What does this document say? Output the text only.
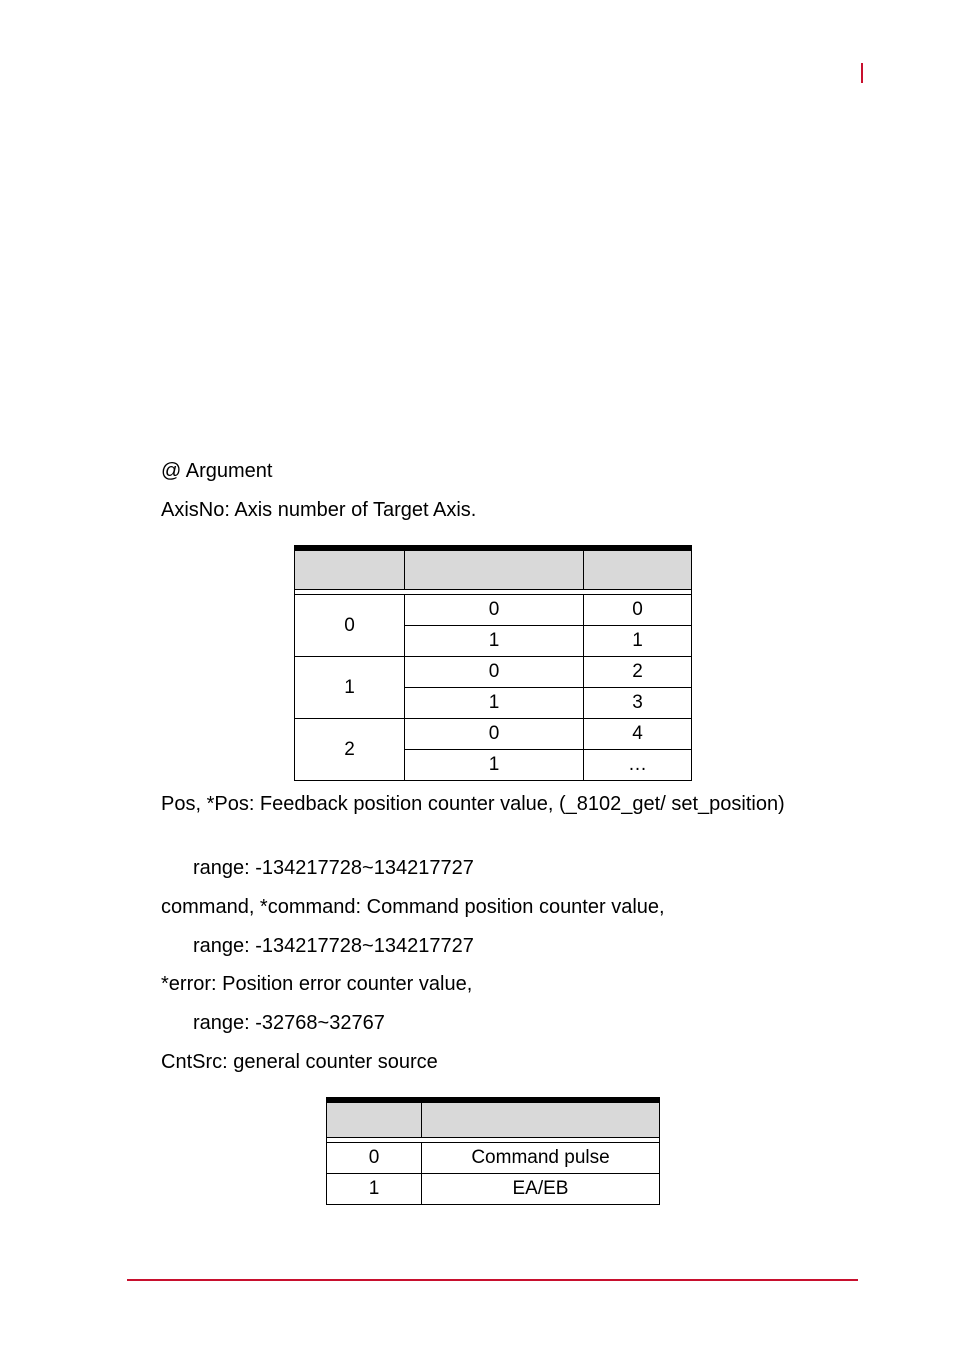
@ Argument
AxisNo: Axis number of Target Axis.

0	0	0
	1	1
1	0	2
	1	3
2	0	4
	1	…
Pos, *Pos: Feedback position counter value, (_8102_get/ set_position)
range: -134217728~134217727
command, *command: Command position counter value,
range: -134217728~134217727
*error: Position error counter value,
range: -32768~32767
CntSrc: general counter source

0	Command pulse
1	EA/EB
